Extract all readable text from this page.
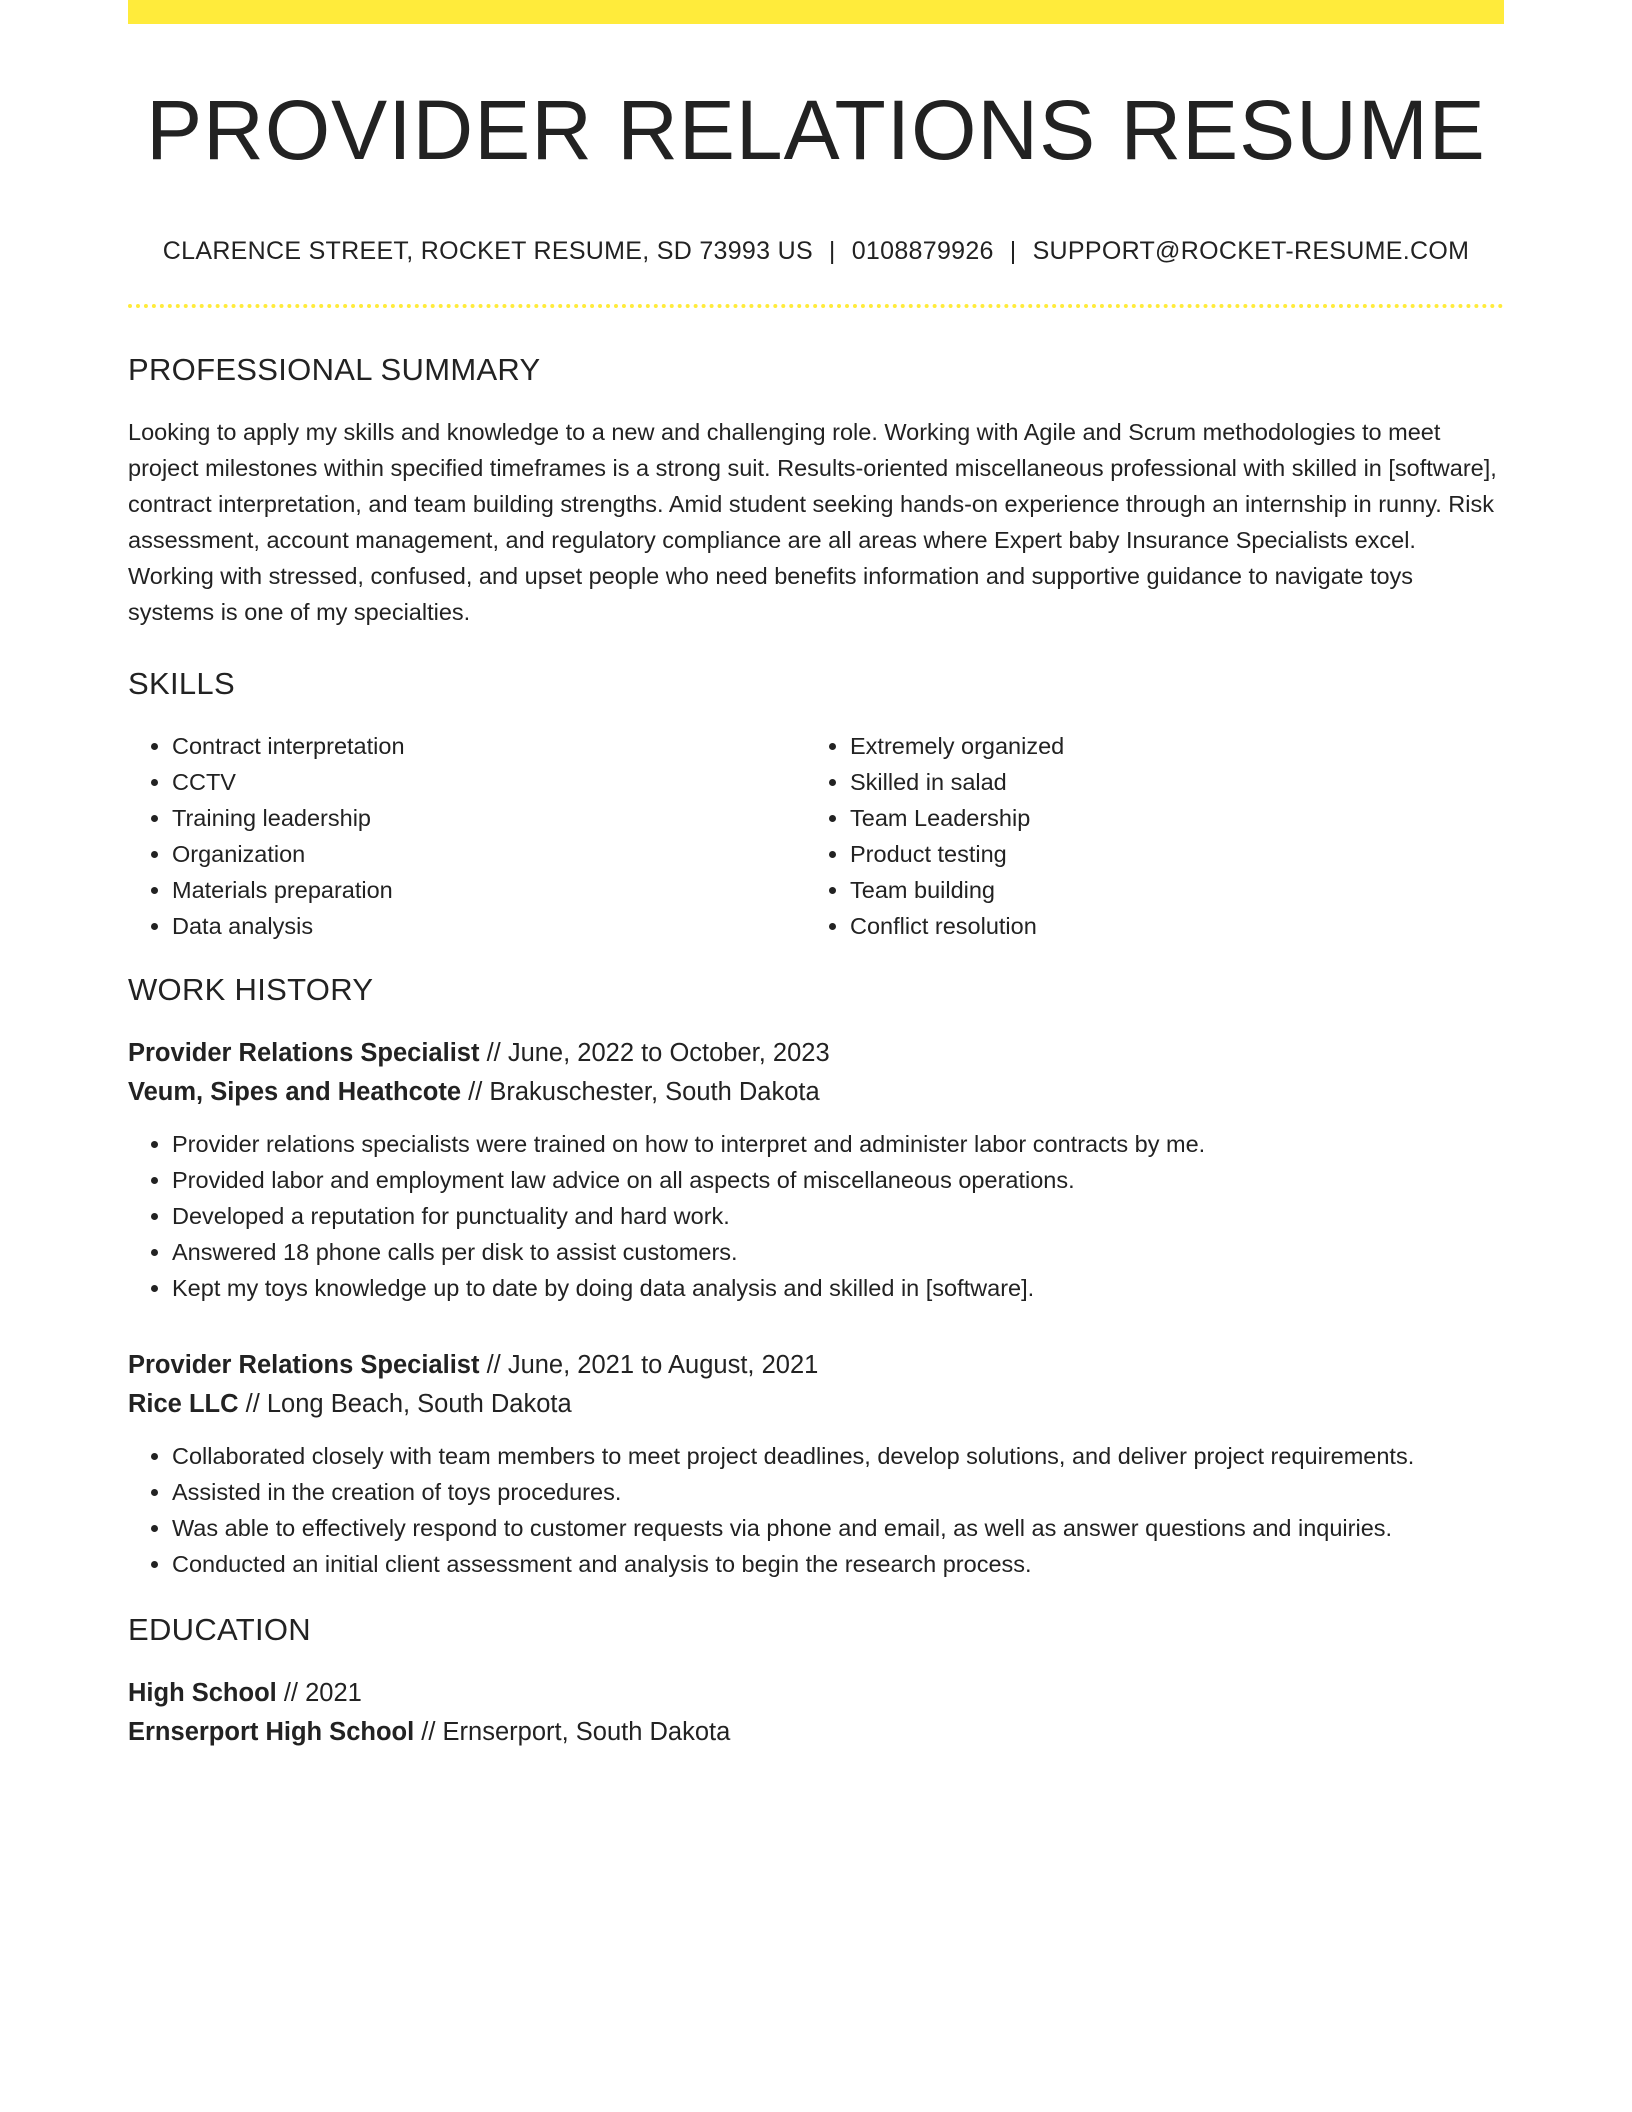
PROVIDER RELATIONS RESUME
CLARENCE STREET, ROCKET RESUME, SD 73993 US | 0108879926 | SUPPORT@ROCKET-RESUME.COM
PROFESSIONAL SUMMARY

Looking to apply my skills and knowledge to a new and challenging role. Working with Agile and Scrum methodologies to meet project milestones within specified timeframes is a strong suit. Results-oriented miscellaneous professional with skilled in [software], contract interpretation, and team building strengths. Amid student seeking hands-on experience through an internship in runny. Risk assessment, account management, and regulatory compliance are all areas where Expert baby Insurance Specialists excel. Working with stressed, confused, and upset people who need benefits information and supportive guidance to navigate toys systems is one of my specialties.

SKILLS
• Contract interpretation
• CCTV
• Training leadership
• Organization
• Materials preparation
• Data analysis
• Extremely organized
• Skilled in salad
• Team Leadership
• Product testing
• Team building
• Conflict resolution
WORK HISTORY
Provider Relations Specialist // June, 2022 to October, 2023
Veum, Sipes and Heathcote // Brakuschester, South Dakota
• Provider relations specialists were trained on how to interpret and administer labor contracts by me.
• Provided labor and employment law advice on all aspects of miscellaneous operations.
• Developed a reputation for punctuality and hard work.
• Answered 18 phone calls per disk to assist customers.
• Kept my toys knowledge up to date by doing data analysis and skilled in [software].
Provider Relations Specialist // June, 2021 to August, 2021
Rice LLC // Long Beach, South Dakota
• Collaborated closely with team members to meet project deadlines, develop solutions, and deliver project requirements.
• Assisted in the creation of toys procedures.
• Was able to effectively respond to customer requests via phone and email, as well as answer questions and inquiries.
• Conducted an initial client assessment and analysis to begin the research process.
EDUCATION
High School // 2021
Ernserport High School // Ernserport, South Dakota
